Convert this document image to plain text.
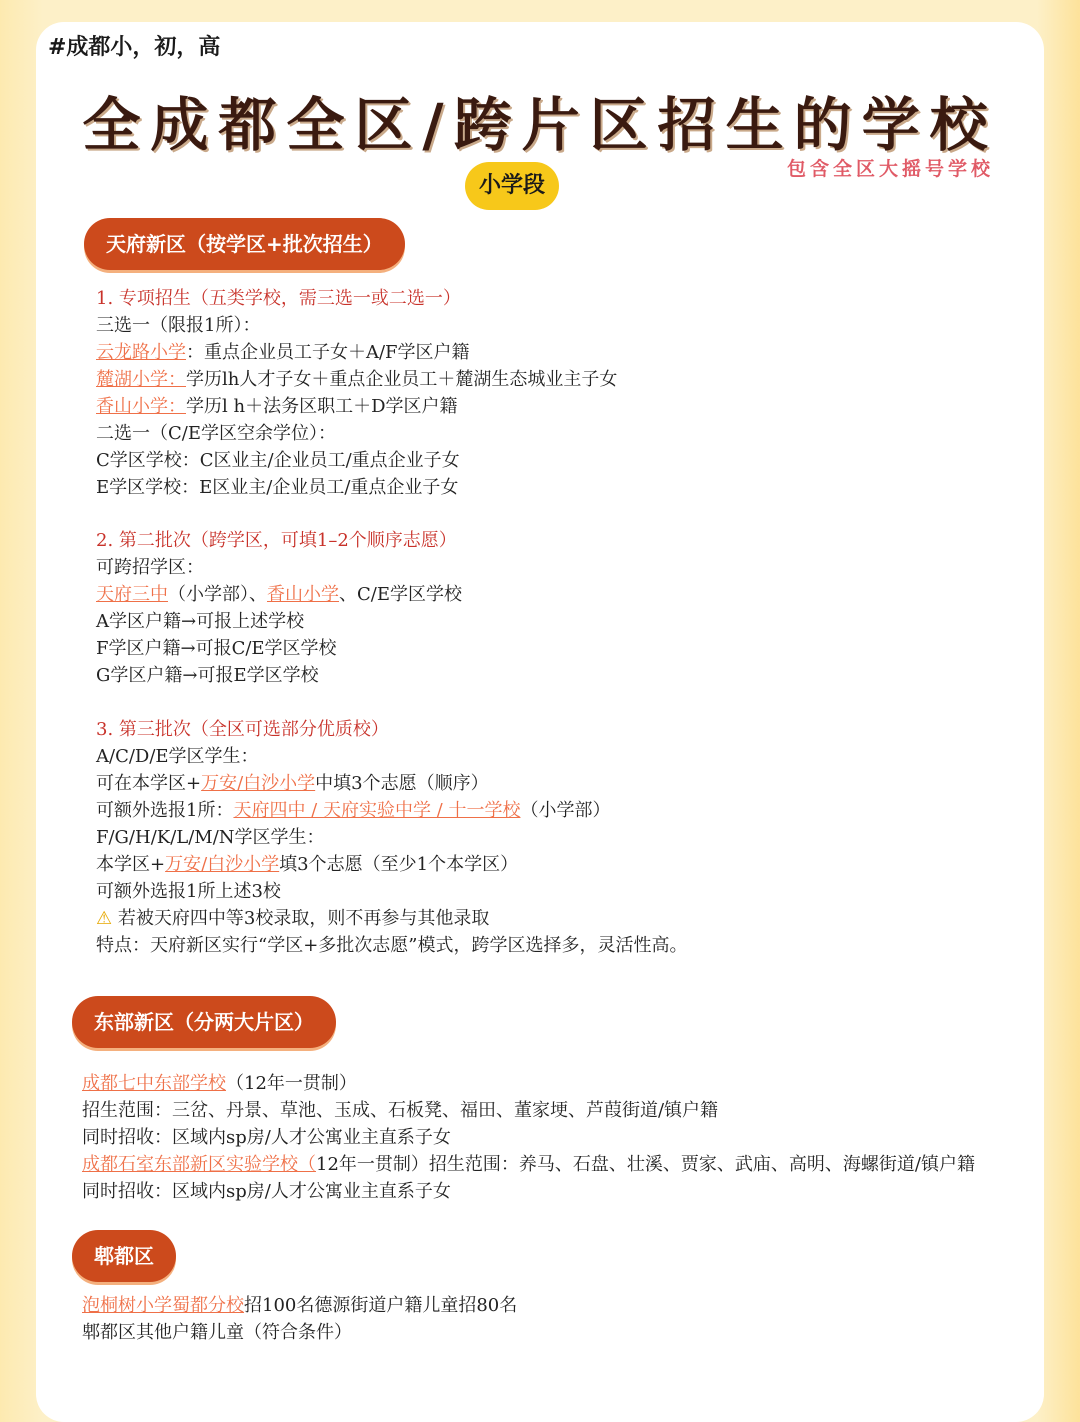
#成都小，初，高
全成都全区/跨片区招生的学校
包含全区大摇号学校
小学段
天府新区（按学区+批次招生）
1. 专项招生（五类学校，需三选一或二选一）
三选一（限报1所）：
云龙路小学：重点企业员工子女＋A/F学区户籍
麓湖小学：学历lh人才子女＋重点企业员工＋麓湖生态城业主子女
香山小学：学历l h＋法务区职工＋D学区户籍
二选一（C/E学区空余学位）：
C学区学校：C区业主/企业员工/重点企业子女
E学区学校：E区业主/企业员工/重点企业子女
2. 第二批次（跨学区，可填1–2个顺序志愿）
可跨招学区：
天府三中（小学部）、香山小学、C/E学区学校
A学区户籍→可报上述学校
F学区户籍→可报C/E学区学校
G学区户籍→可报E学区学校
3. 第三批次（全区可选部分优质校）
A/C/D/E学区学生：
可在本学区+万安/白沙小学中填3个志愿（顺序）
可额外选报1所：天府四中 / 天府实验中学 / 十一学校（小学部）
F/G/H/K/L/M/N学区学生：
本学区+万安/白沙小学填3个志愿（至少1个本学区）
可额外选报1所上述3校
⚠ 若被天府四中等3校录取，则不再参与其他录取
特点：天府新区实行“学区+多批次志愿”模式，跨学区选择多，灵活性高。
东部新区（分两大片区）
成都七中东部学校（12年一贯制）
招生范围：三岔、丹景、草池、玉成、石板凳、福田、董家埂、芦葭街道/镇户籍
同时招收：区域内sp房/人才公寓业主直系子女
成都石室东部新区实验学校（12年一贯制）招生范围：养马、石盘、壮溪、贾家、武庙、高明、海螺街道/镇户籍
同时招收：区域内sp房/人才公寓业主直系子女
郫都区
泡桐树小学蜀都分校招100名德源街道户籍儿童招80名
郫都区其他户籍儿童（符合条件）
